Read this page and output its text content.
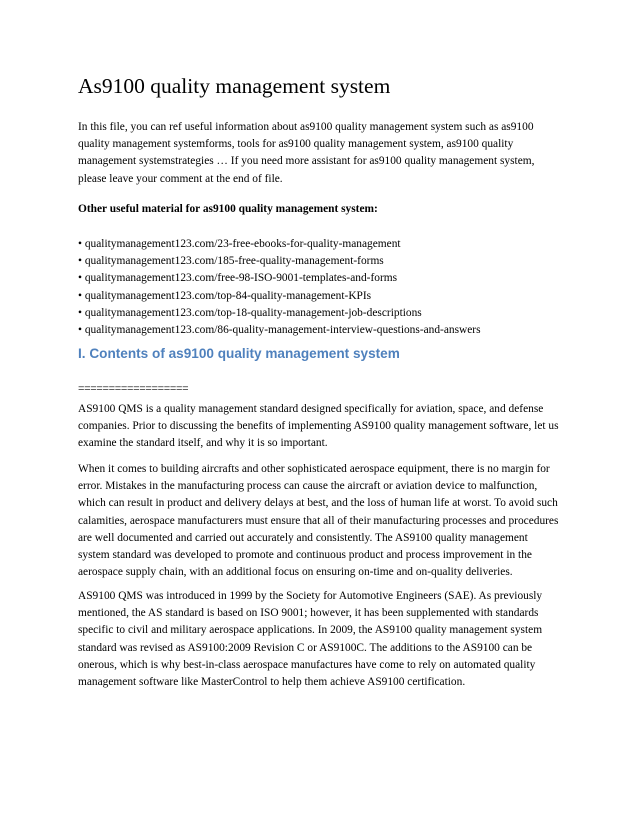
As9100 quality management system

In this file, you can ref useful information about as9100 quality management system such as as9100 quality management systemforms, tools for as9100 quality management system, as9100 quality management systemstrategies … If you need more assistant for as9100 quality management system, please leave your comment at the end of file.

Other useful material for as9100 quality management system:

• qualitymanagement123.com/23-free-ebooks-for-quality-management
• qualitymanagement123.com/185-free-quality-management-forms
• qualitymanagement123.com/free-98-ISO-9001-templates-and-forms
• qualitymanagement123.com/top-84-quality-management-KPIs
• qualitymanagement123.com/top-18-quality-management-job-descriptions
• qualitymanagement123.com/86-quality-management-interview-questions-and-answers
I. Contents of as9100 quality management system

==================

AS9100 QMS is a quality management standard designed specifically for aviation, space, and defense companies. Prior to discussing the benefits of implementing AS9100 quality management software, let us examine the standard itself, and why it is so important.

When it comes to building aircrafts and other sophisticated aerospace equipment, there is no margin for error. Mistakes in the manufacturing process can cause the aircraft or aviation device to malfunction, which can result in product and delivery delays at best, and the loss of human life at worst. To avoid such calamities, aerospace manufacturers must ensure that all of their manufacturing processes and procedures are well documented and carried out accurately and consistently. The AS9100 quality management system standard was developed to promote and continuous product and process improvement in the aerospace supply chain, with an additional focus on ensuring on-time and on-quality deliveries.

AS9100 QMS was introduced in 1999 by the Society for Automotive Engineers (SAE). As previously mentioned, the AS standard is based on ISO 9001; however, it has been supplemented with standards specific to civil and military aerospace applications. In 2009, the AS9100 quality management system standard was revised as AS9100:2009 Revision C or AS9100C. The additions to the AS9100 can be onerous, which is why best-in-class aerospace manufactures have come to rely on automated quality management software like MasterControl to help them achieve AS9100 certification.
